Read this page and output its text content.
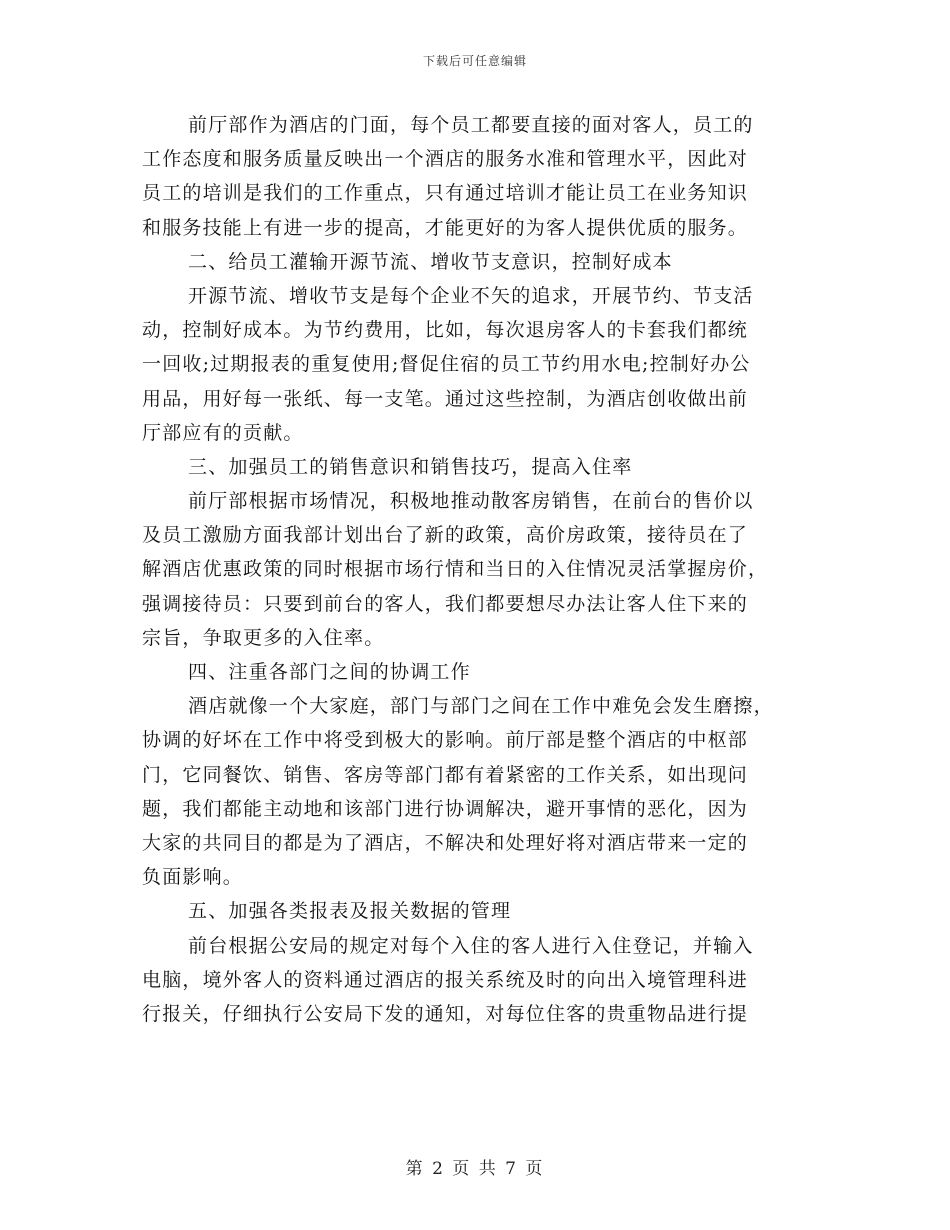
下载后可任意编辑
前厅部作为酒店的门面，每个员工都要直接的面对客人，员工的
工作态度和服务质量反映出一个酒店的服务水准和管理水平，因此对
员工的培训是我们的工作重点，只有通过培训才能让员工在业务知识
和服务技能上有进一步的提高，才能更好的为客人提供优质的服务。
二、给员工灌输开源节流、增收节支意识，控制好成本
开源节流、增收节支是每个企业不矢的追求，开展节约、节支活
动，控制好成本。为节约费用，比如，每次退房客人的卡套我们都统
一回收;过期报表的重复使用;督促住宿的员工节约用水电;控制好办公
用品，用好每一张纸、每一支笔。通过这些控制，为酒店创收做出前
厅部应有的贡献。
三、加强员工的销售意识和销售技巧，提高入住率
前厅部根据市场情况，积极地推动散客房销售，在前台的售价以
及员工激励方面我部计划出台了新的政策，高价房政策，接待员在了
解酒店优惠政策的同时根据市场行情和当日的入住情况灵活掌握房价，
强调接待员：只要到前台的客人，我们都要想尽办法让客人住下来的
宗旨，争取更多的入住率。
四、注重各部门之间的协调工作
酒店就像一个大家庭，部门与部门之间在工作中难免会发生磨擦，
协调的好坏在工作中将受到极大的影响。前厅部是整个酒店的中枢部
门，它同餐饮、销售、客房等部门都有着紧密的工作关系，如出现问
题，我们都能主动地和该部门进行协调解决，避开事情的恶化，因为
大家的共同目的都是为了酒店，不解决和处理好将对酒店带来一定的
负面影响。
五、加强各类报表及报关数据的管理
前台根据公安局的规定对每个入住的客人进行入住登记，并输入
电脑，境外客人的资料通过酒店的报关系统及时的向出入境管理科进
行报关，仔细执行公安局下发的通知，对每位住客的贵重物品进行提
第 2 页 共 7 页
